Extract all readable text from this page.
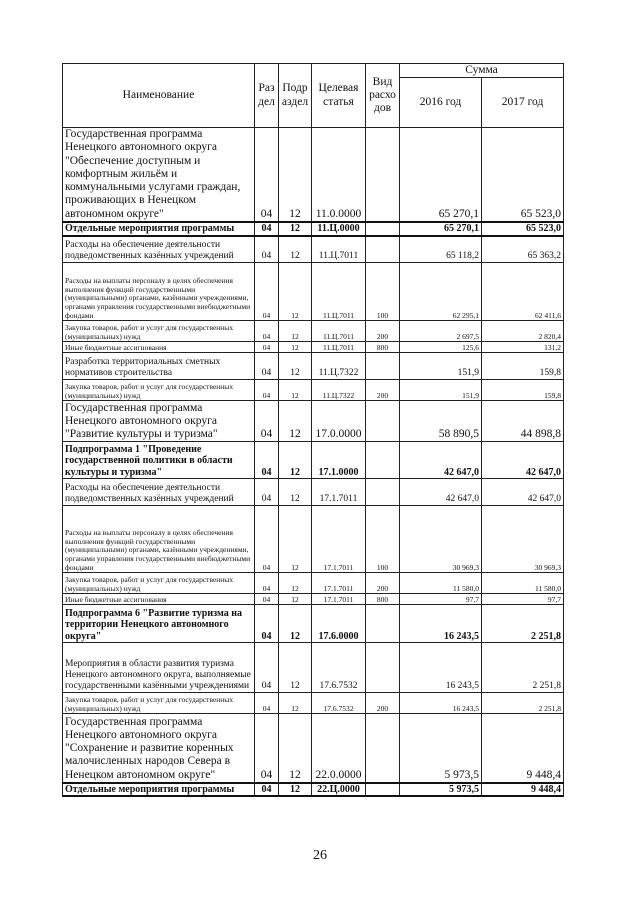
Наименование	Раз дел	Подр аздел	Целевая статья	Вид расхо дов	Сумма	
					2016 год	2017 год
Государственная программа Ненецкого автономного округа "Обеспечение доступным и комфортным жильём и коммунальными услугами граждан, проживающих в Ненецком автономном округе"	04	12	11.0.0000		65 270,1	65 523,0
Отдельные мероприятия программы	04	12	11.Ц.0000		65 270,1	65 523,0
Расходы на обеспечение деятельности подведомственных казённых учреждений	04	12	11.Ц.7011		65 118,2	65 363,2
Расходы на выплаты персоналу в целях обеспечения выполнения функций государственными (муниципальными) органами, казёнными учреждениями, органами управления государственными внебюджетными фондами	04	12	11.Ц.7011	100	62 295,1	62 411,6
Закупка товаров, работ и услуг для государственных (муниципальных) нужд	04	12	11.Ц.7011	200	2 697,5	2 820,4
Иные бюджетные ассигнования	04	12	11.Ц.7011	800	125,6	131,2
Разработка территориальных сметных нормативов строительства	04	12	11.Ц.7322		151,9	159,8
Закупка товаров, работ и услуг для государственных (муниципальных) нужд	04	12	11.Ц.7322	200	151,9	159,8
Государственная программа Ненецкого автономного округа "Развитие культуры и туризма"	04	12	17.0.0000		58 890,5	44 898,8
Подпрограмма 1 "Проведение государственной политики в области культуры и туризма"	04	12	17.1.0000		42 647,0	42 647,0
Расходы на обеспечение деятельности подведомственных казённых учреждений	04	12	17.1.7011		42 647,0	42 647,0
Расходы на выплаты персоналу в целях обеспечения выполнения функций государственными (муниципальными) органами, казёнными учреждениями, органами управления государственными внебюджетными фондами	04	12	17.1.7011	100	30 969,3	30 969,3
Закупка товаров, работ и услуг для государственных (муниципальных) нужд	04	12	17.1.7011	200	11 580,0	11 580,0
Иные бюджетные ассигнования	04	12	17.1.7011	800	97,7	97,7
Подпрограмма 6 "Развитие туризма на территории Ненецкого автономного округа"	04	12	17.6.0000		16 243,5	2 251,8
Мероприятия в области развития туризма Ненецкого автономного округа, выполняемые государственными казёнными учреждениями	04	12	17.6.7532		16 243,5	2 251,8
Закупка товаров, работ и услуг для государственных (муниципальных) нужд	04	12	17.6.7532	200	16 243,5	2 251,8
Государственная программа Ненецкого автономного округа "Сохранение и развитие коренных малочисленных народов Севера в Ненецком автономном округе"	04	12	22.0.0000		5 973,5	9 448,4
Отдельные мероприятия программы	04	12	22.Ц.0000		5 973,5	9 448,4
26
